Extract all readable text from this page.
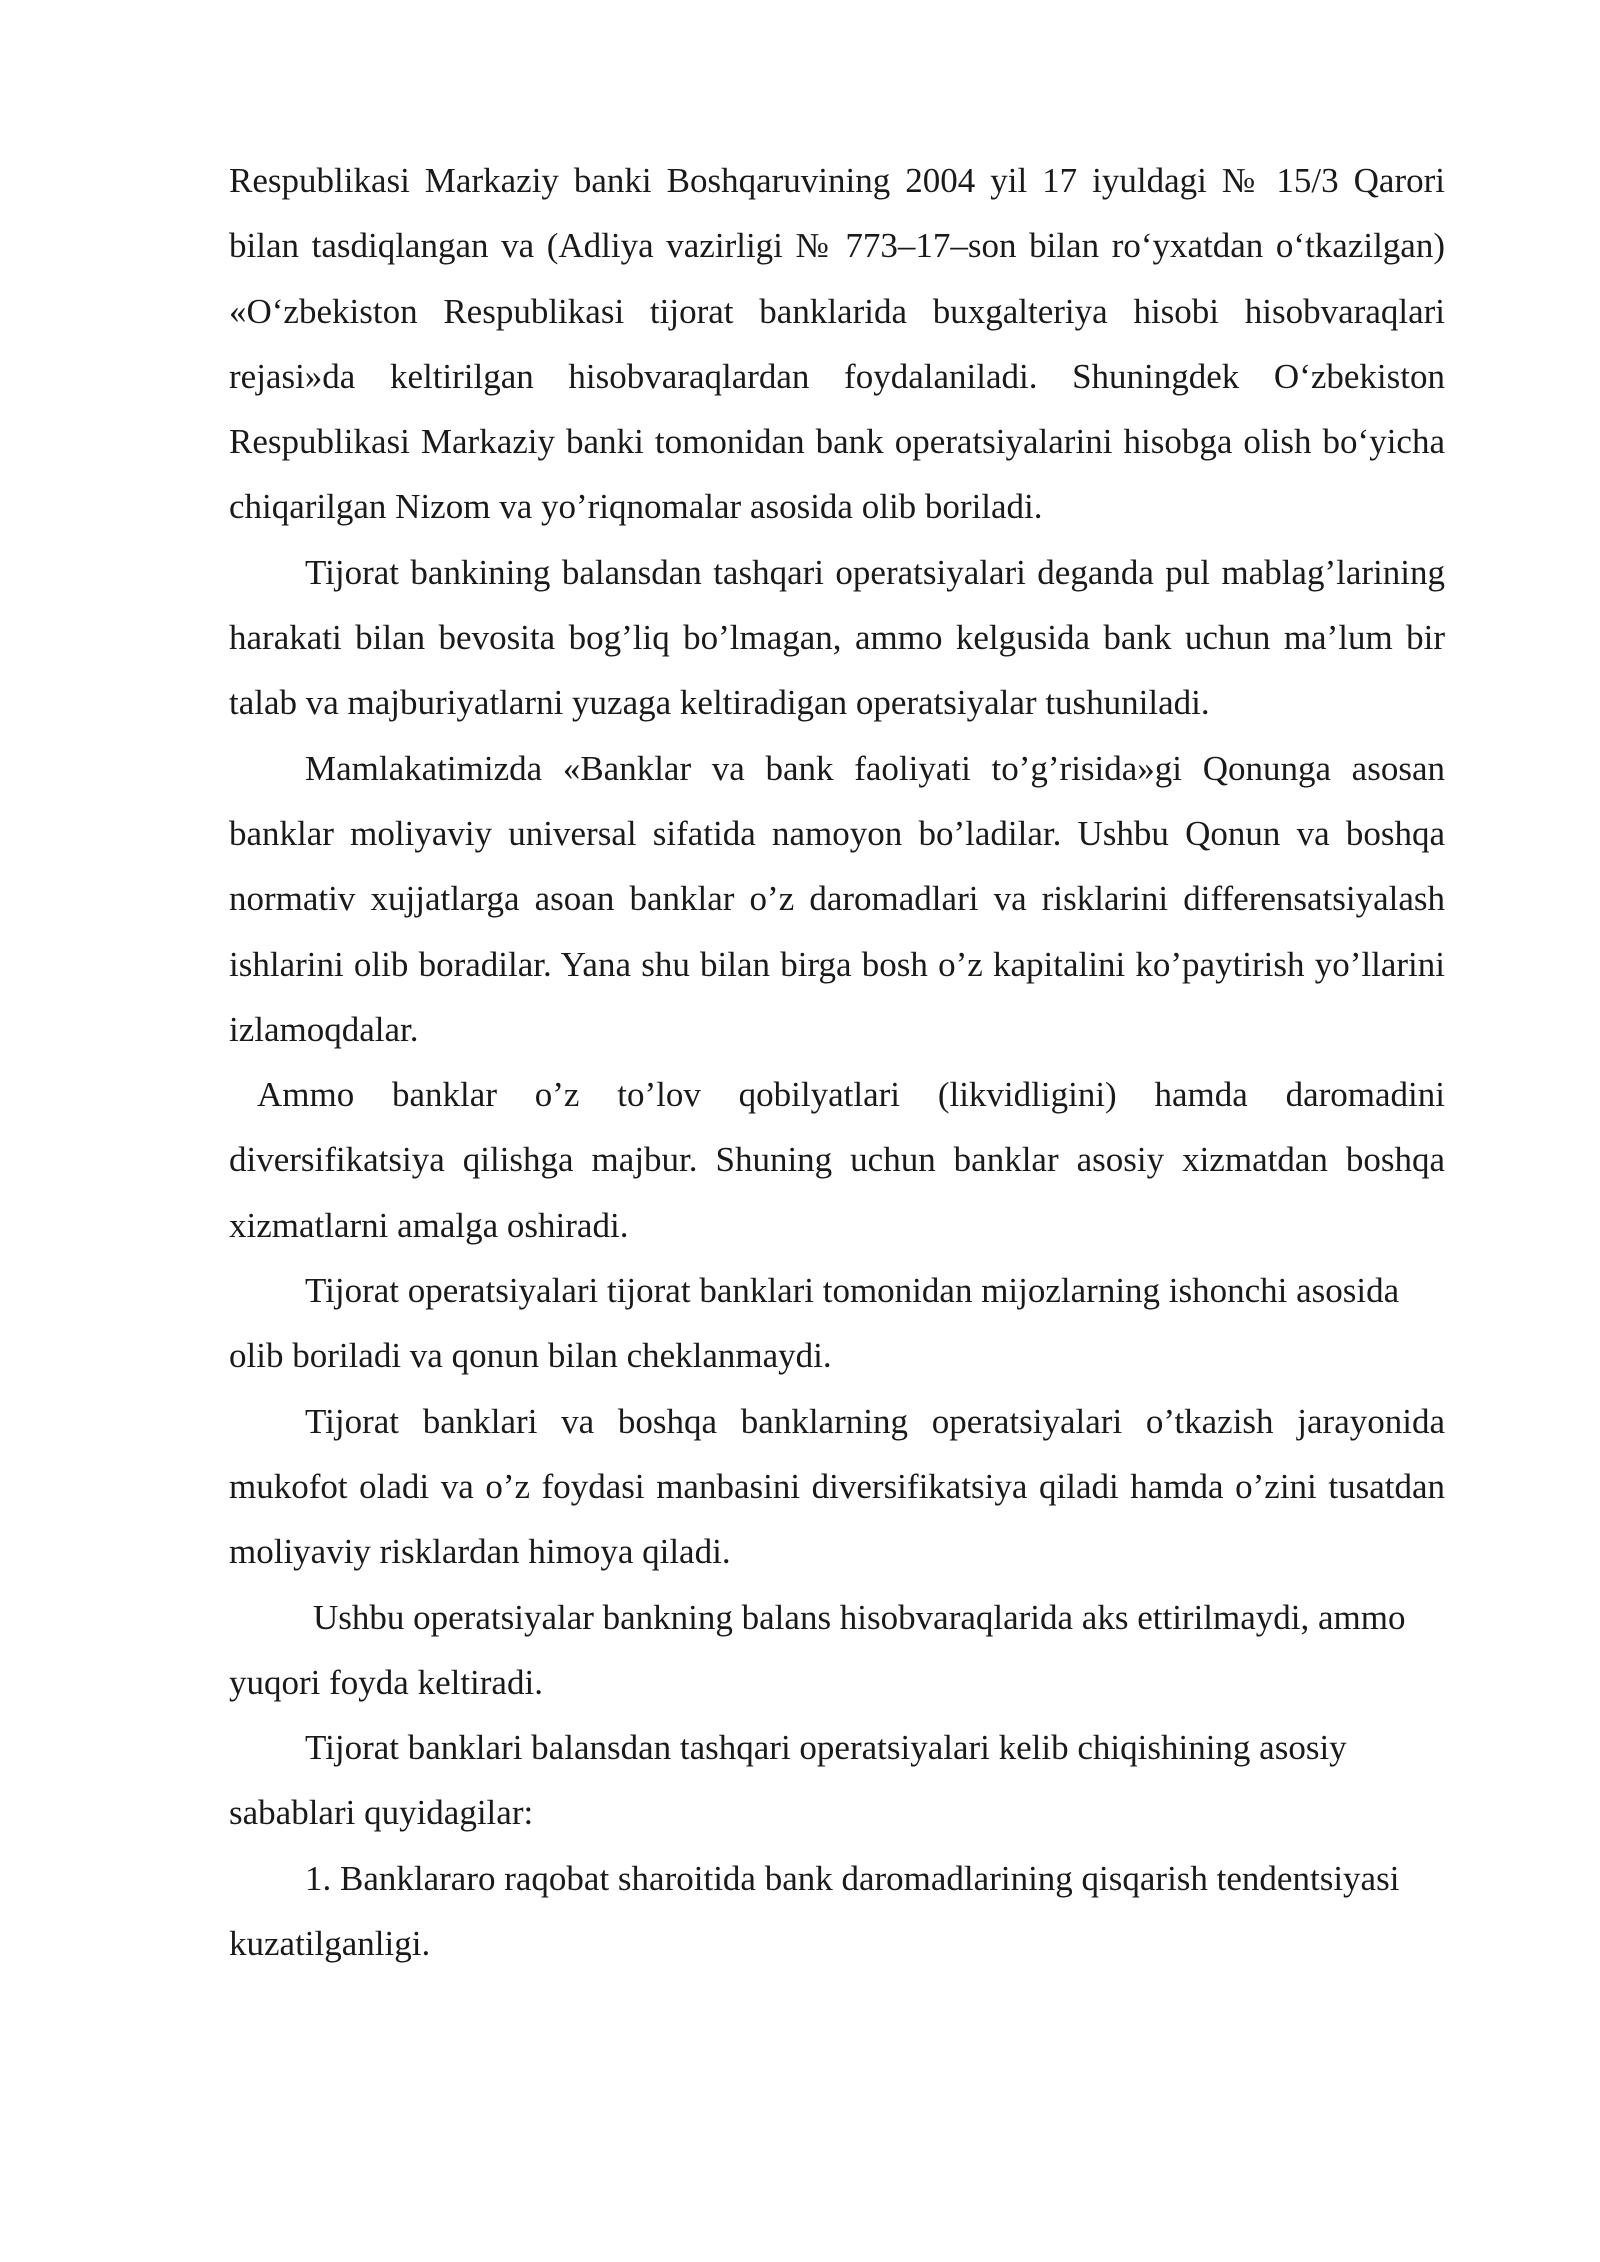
Respublikasi Markaziy banki Boshqaruvining 2004 yil 17 iyuldagi № 15/3 Qarori bilan tasdiqlangan va (Adliya vazirligi № 773–17–son bilan ro‘yxatdan o‘tkazilgan) «O‘zbekiston Respublikasi tijorat banklarida buxgalteriya hisobi hisobvaraqlari rejasi»da keltirilgan hisobvaraqlardan foydalaniladi. Shuningdek O‘zbekiston Respublikasi Markaziy banki tomonidan bank operatsiyalarini hisobga olish bo‘yicha chiqarilgan Nizom va yo’riqnomalar asosida olib boriladi.

Tijorat bankining balansdan tashqari operatsiyalari deganda pul mablag’larining harakati bilan bevosita bog’liq bo’lmagan, ammo kelgusida bank uchun ma’lum bir talab va majburiyatlarni yuzaga keltiradigan operatsiyalar tushuniladi.

Mamlakatimizda «Banklar va bank faoliyati to’g’risida»gi Qonunga asosan banklar moliyaviy universal sifatida namoyon bo’ladilar. Ushbu Qonun va boshqa normativ xujjatlarga asoan banklar o’z daromadlari va risklarini differensatsiyalash ishlarini olib boradilar. Yana shu bilan birga bosh o’z kapitalini ko’paytirish yo’llarini izlamoqdalar.

Ammo banklar o’z to’lov qobilyatlari (likvidligini) hamda daromadini diversifikatsiya qilishga majbur. Shuning uchun banklar asosiy xizmatdan boshqa xizmatlarni amalga oshiradi.

Tijorat operatsiyalari tijorat banklari tomonidan mijozlarning ishonchi asosida olib boriladi va qonun bilan cheklanmaydi.

Tijorat banklari va boshqa banklarning operatsiyalari o’tkazish jarayonida mukofot oladi va o’z foydasi manbasini diversifikatsiya qiladi hamda o’zini tusatdan moliyaviy risklardan himoya qiladi.

Ushbu operatsiyalar bankning balans hisobvaraqlarida aks ettirilmaydi, ammo yuqori foyda keltiradi.

Tijorat banklari balansdan tashqari operatsiyalari kelib chiqishining asosiy sabablari quyidagilar:

1. Banklararo raqobat sharoitida bank daromadlarining qisqarish tendentsiyasi kuzatilganligi.
